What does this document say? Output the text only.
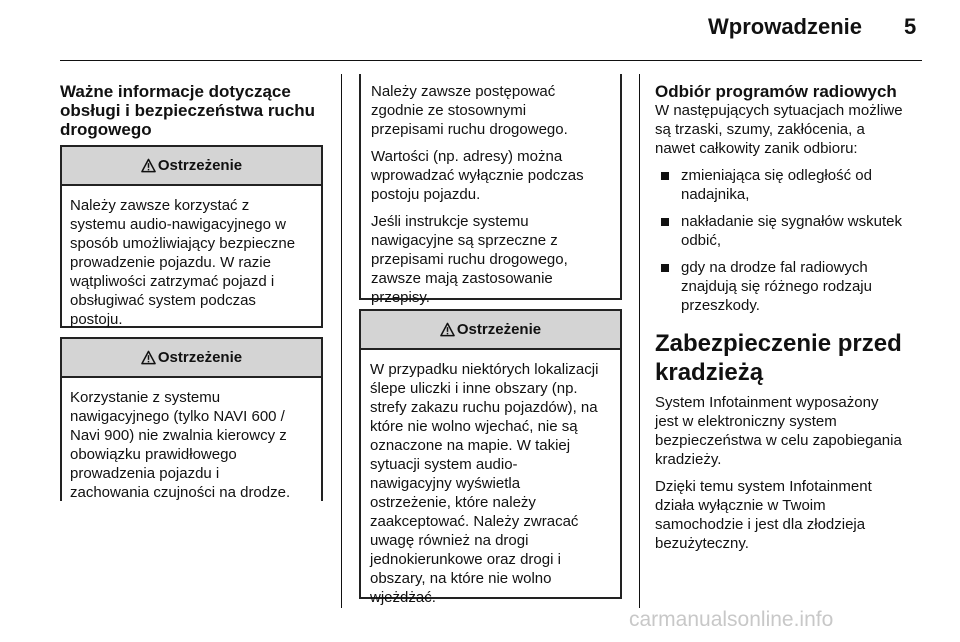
Wprowadzenie 5
Ważne informacje dotyczące
obsługi i bezpieczeństwa ruchu
drogowego
Ostrzeżenie
Należy zawsze korzystać z
systemu audio-nawigacyjnego w
sposób umożliwiający bezpieczne
prowadzenie pojazdu. W razie
wątpliwości zatrzymać pojazd i
obsługiwać system podczas
postoju.
Ostrzeżenie
Korzystanie z systemu
nawigacyjnego (tylko NAVI 600 /
Navi 900) nie zwalnia kierowcy z
obowiązku prawidłowego
prowadzenia pojazdu i
zachowania czujności na drodze.
Należy zawsze postępować
zgodnie ze stosownymi
przepisami ruchu drogowego.
Wartości (np. adresy) można
wprowadzać wyłącznie podczas
postoju pojazdu.
Jeśli instrukcje systemu
nawigacyjne są sprzeczne z
przepisami ruchu drogowego,
zawsze mają zastosowanie
przepisy.
Ostrzeżenie
W przypadku niektórych lokalizacji
ślepe uliczki i inne obszary (np.
strefy zakazu ruchu pojazdów), na
które nie wolno wjechać, nie są
oznaczone na mapie. W takiej
sytuacji system audio-
nawigacyjny wyświetla
ostrzeżenie, które należy
zaakceptować. Należy zwracać
uwagę również na drogi
jednokierunkowe oraz drogi i
obszary, na które nie wolno
wjeżdżać.
Odbiór programów radiowych
W następujących sytuacjach możliwe
są trzaski, szumy, zakłócenia, a
nawet całkowity zanik odbioru:
zmieniająca się odległość od
nadajnika,
nakładanie się sygnałów wskutek
odbić,
gdy na drodze fal radiowych
znajdują się różnego rodzaju
przeszkody.
Zabezpieczenie przed
kradzieżą
System Infotainment wyposażony
jest w elektroniczny system
bezpieczeństwa w celu zapobiegania
kradzieży.
Dzięki temu system Infotainment
działa wyłącznie w Twoim
samochodzie i jest dla złodzieja
bezużyteczny.
carmanualsonline.info
